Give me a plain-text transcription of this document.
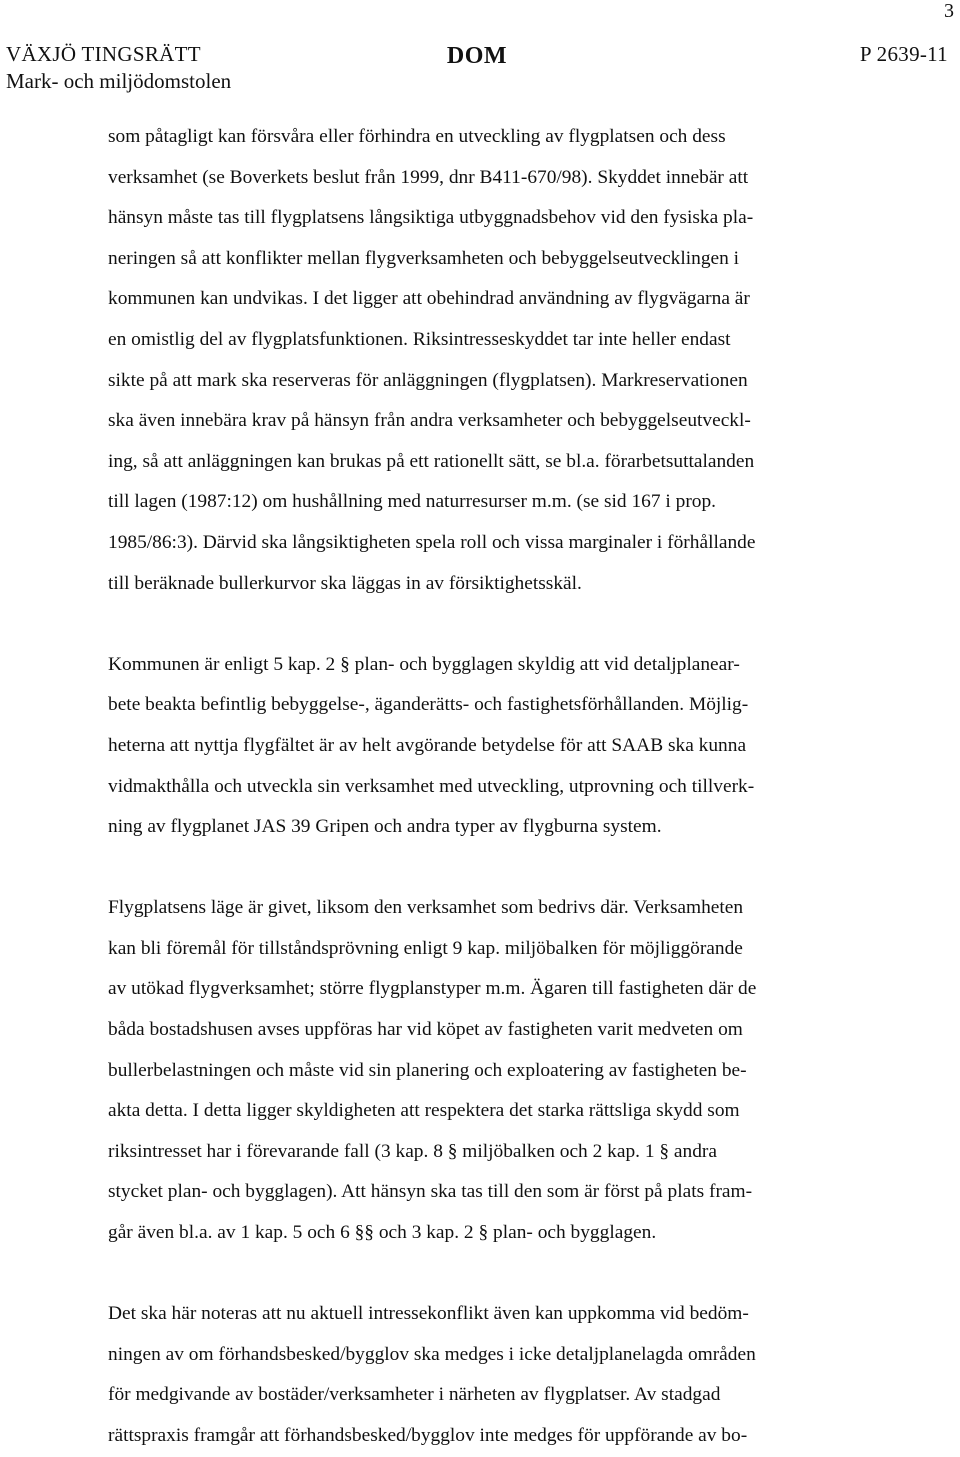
3
VÄXJÖ TINGSRÄTT
Mark- och miljödomstolen
DOM	P 2639-11
som påtagligt kan försvåra eller förhindra en utveckling av flygplatsen och dess
verksamhet (se Boverkets beslut från 1999, dnr B411-670/98). Skyddet innebär att
hänsyn måste tas till flygplatsens långsiktiga utbyggnadsbehov vid den fysiska pla-
neringen så att konflikter mellan flygverksamheten och bebyggelseutvecklingen i
kommunen kan undvikas. I det ligger att obehindrad användning av flygvägarna är
en omistlig del av flygplatsfunktionen. Riksintresseskyddet tar inte heller endast
sikte på att mark ska reserveras för anläggningen (flygplatsen). Markreservationen
ska även innebära krav på hänsyn från andra verksamheter och bebyggelseutveckl-
ing, så att anläggningen kan brukas på ett rationellt sätt, se bl.a. förarbetsuttalanden
till lagen (1987:12) om hushållning med naturresurser m.m. (se sid 167 i prop.
1985/86:3). Därvid ska långsiktigheten spela roll och vissa marginaler i förhållande
till beräknade bullerkurvor ska läggas in av försiktighetsskäl.
Kommunen är enligt 5 kap. 2 § plan- och bygglagen skyldig att vid detaljplanear-
bete beakta befintlig bebyggelse-, äganderätts- och fastighetsförhållanden. Möjlig-
heterna att nyttja flygfältet är av helt avgörande betydelse för att SAAB ska kunna
vidmakthålla och utveckla sin verksamhet med utveckling, utprovning och tillverk-
ning av flygplanet JAS 39 Gripen och andra typer av flygburna system.
Flygplatsens läge är givet, liksom den verksamhet som bedrivs där. Verksamheten
kan bli föremål för tillståndsprövning enligt 9 kap. miljöbalken för möjliggörande
av utökad flygverksamhet; större flygplanstyper m.m. Ägaren till fastigheten där de
båda bostadshusen avses uppföras har vid köpet av fastigheten varit medveten om
bullerbelastningen och måste vid sin planering och exploatering av fastigheten be-
akta detta. I detta ligger skyldigheten att respektera det starka rättsliga skydd som
riksintresset har i förevarande fall (3 kap. 8 § miljöbalken och 2 kap. 1 § andra
stycket plan- och bygglagen). Att hänsyn ska tas till den som är först på plats fram-
går även bl.a. av 1 kap. 5 och 6 §§ och 3 kap. 2 § plan- och bygglagen.
Det ska här noteras att nu aktuell intressekonflikt även kan uppkomma vid bedöm-
ningen av om förhandsbesked/bygglov ska medges i icke detaljplanelagda områden
för medgivande av bostäder/verksamheter i närheten av flygplatser. Av stadgad
rättspraxis framgår att förhandsbesked/bygglov inte medges för uppförande av bo-
